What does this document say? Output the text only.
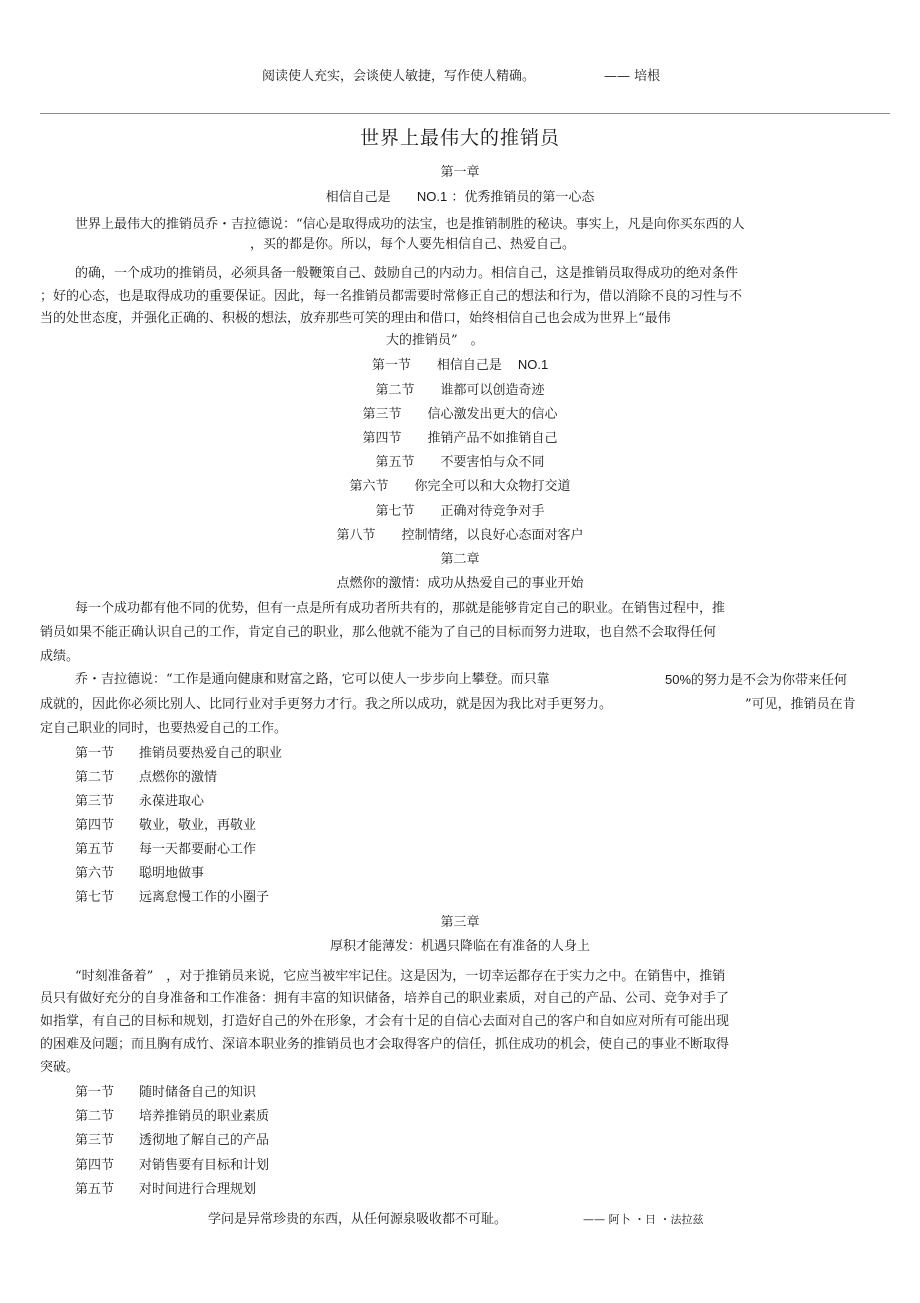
阅读使人充实，会谈使人敏捷，写作使人精确。	—— 培根
世界上最伟大的推销员
第一章
相信自己是 NO.1 ：优秀推销员的第一心态
世界上最伟大的推销员乔・吉拉德说：“信心是取得成功的法宝，也是推销制胜的秘诀。事实上，凡是向你买东西的人
，买的都是你。所以，每个人要先相信自己、热爱自己。
的确，一个成功的推销员，必须具备一般鞭策自己、鼓励自己的内动力。相信自己，这是推销员取得成功的绝对条件
；好的心态，也是取得成功的重要保证。因此，每一名推销员都需要时常修正自己的想法和行为，借以消除不良的习性与不
当的处世态度，并强化正确的、积极的想法，放弃那些可笑的理由和借口，始终相信自己也会成为世界上“最伟
大的推销员”　。
第一节 相信自己是 NO.1
第二节 谁都可以创造奇迹
第三节 信心激发出更大的信心
第四节 推销产品不如推销自己
第五节 不要害怕与众不同
第六节 你完全可以和大众物打交道
第七节 正确对待竞争对手
第八节 控制情绪，以良好心态面对客户
第二章
点燃你的激情：成功从热爱自己的事业开始
每一个成功都有他不同的优势，但有一点是所有成功者所共有的，那就是能够肯定自己的职业。在销售过程中，推
销员如果不能正确认识自己的工作，肯定自己的职业，那么他就不能为了自己的目标而努力进取，也自然不会取得任何
成绩。
乔・吉拉德说：“工作是通向健康和财富之路，它可以使人一步步向上攀登。而只靠	50%的努力是不会为你带来任何
成就的，因此你必须比别人、比同行业对手更努力才行。我之所以成功，就是因为我比对手更努力。	”可见，推销员在肯
定自己职业的同时，也要热爱自己的工作。
第一节 推销员要热爱自己的职业
第二节 点燃你的激情
第三节 永葆进取心
第四节 敬业，敬业，再敬业
第五节 每一天都要耐心工作
第六节 聪明地做事
第七节 远离怠慢工作的小圈子
第三章
厚积才能薄发：机遇只降临在有准备的人身上
“时刻准备着”　，对于推销员来说，它应当被牢牢记住。这是因为，一切幸运都存在于实力之中。在销售中，推销
员只有做好充分的自身准备和工作准备：拥有丰富的知识储备，培养自己的职业素质，对自己的产品、公司、竞争对手了
如指掌，有自己的目标和规划，打造好自己的外在形象，才会有十足的自信心去面对自己的客户和自如应对所有可能出现
的困难及问题；而且胸有成竹、深谙本职业务的推销员也才会取得客户的信任，抓住成功的机会，使自己的事业不断取得
突破。
第一节 随时储备自己的知识
第二节 培养推销员的职业素质
第三节 透彻地了解自己的产品
第四节 对销售要有目标和计划
第五节 对时间进行合理规划
学问是异常珍贵的东西，从任何源泉吸收都不可耻。	—— 阿卜 ・日 ・法拉兹
